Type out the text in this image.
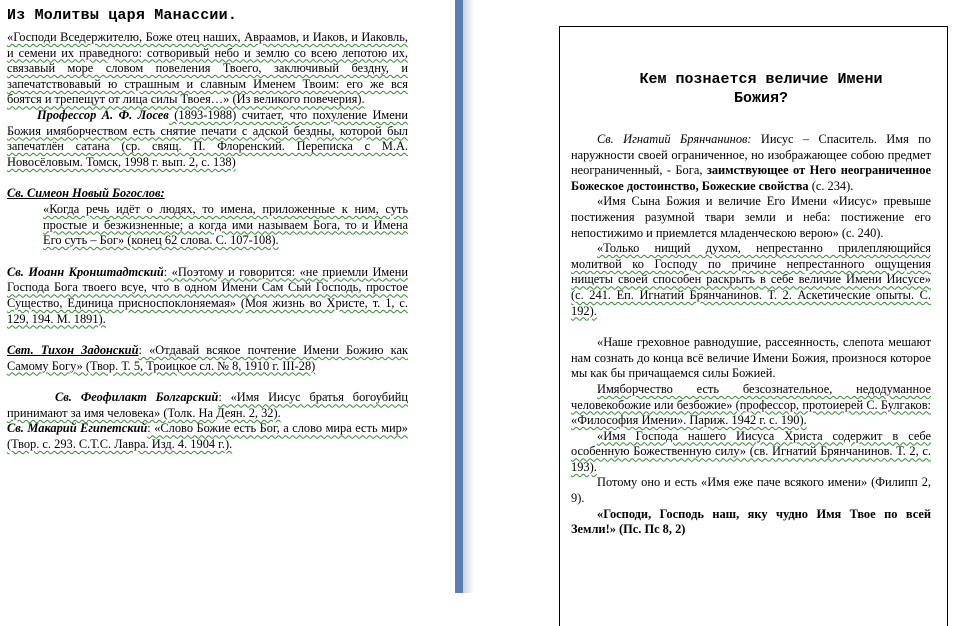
Из Молитвы царя Манассии.

«Господи Вседержителю, Боже отец наших, Авраамов, и Иаков, и Иаковль, и семени их праведного: сотворивый небо и землю со всею лепотою их, связавый море словом повеления Твоего, заключивый бездну, и запечатствовавый ю страшным и славным Именем Твоим: его же вся боятся и трепещут от лица силы Твоея…» (Из великого повечерия).

Профессор А. Ф. Лосев (1893-1988) считает, что похуление Имени Божия имяборчеством есть снятие печати с адской бездны, которой был запечатлён сатана (ср. свящ. П. Флоренский. Переписка с М.А. Новосёловым. Томск, 1998 г. вып. 2, с. 138)

Св. Симеон Новый Богослов:

«Когда речь идёт о людях, то имена, приложенные к ним, суть простые и безжизненные; а когда ими называем Бога, то и Имена Его суть – Бог» (конец 62 слова. С. 107-108).

Св. Иоанн Кронштадтский: «Поэтому и говорится: «не приемли Имени Господа Бога твоего всуе, что в одном Имени Сам Сый Господь, простое Существо, Единица присноспоклоняемая» (Моя жизнь во Христе, т. 1, с. 129, 194. М. 1891).

Свт. Тихон Задонский: «Отдавай всякое почтение Имени Божию как Самому Богу» (Твор. Т. 5, Троицкое сл. № 8, 1910 г. III-28)

Св. Феофилакт Болгарский: «Имя Иисус братья богоубийц принимают за имя человека» (Толк. На Деян. 2, 32).

Св. Макарий Египетский: «Слово Божие есть Бог, а слово мира есть мир» (Твор. с. 293. С.Т.С. Лавра. Изд. 4. 1904 г.).

Кем познается величие Имени
Божия?

Св. Игнатий Брянчанинов: Иисус – Спаситель. Имя по наружности своей ограниченное, но изображающее собою предмет неограниченный, - Бога, заимствующее от Него неограниченное Божеское достоинство, Божеские свойства (с. 234).

«Имя Сына Божия и величие Его Имени «Иисус» превыше постижения разумной твари земли и неба: постижение его непостижимо и приемлется младенческою верою» (с. 240).

«Только нищий духом, непрестанно прилепляющийся молитвой ко Господу по причине непрестанного ощущения нищеты своей способен раскрыть в себе величие Имени Иисусе» (с. 241. Еп. Игнатий Брянчанинов. Т. 2. Аскетические опыты. С. 192).

«Наше греховное равнодушие, рассеянность, слепота мешают нам сознать до конца всё величие Имени Божия, произнося которое мы как бы причащаемся силы Божией.

Имяборчество есть безсознательное, недодуманное человекобожие или безбожие» (профессор, протоиерей С. Булгаков: «Философия Имени». Париж. 1942 г. с. 190).

«Имя Господа нашего Иисуса Христа содержит в себе особенную Божественную силу» (св. Игнатий Брянчанинов. Т. 2, с. 193).

Потому оно и есть «Имя еже паче всякого имени» (Филипп 2, 9).

«Господи, Господь наш, яку чудно Имя Твое по всей Земли!» (Пс. Пс 8, 2)
